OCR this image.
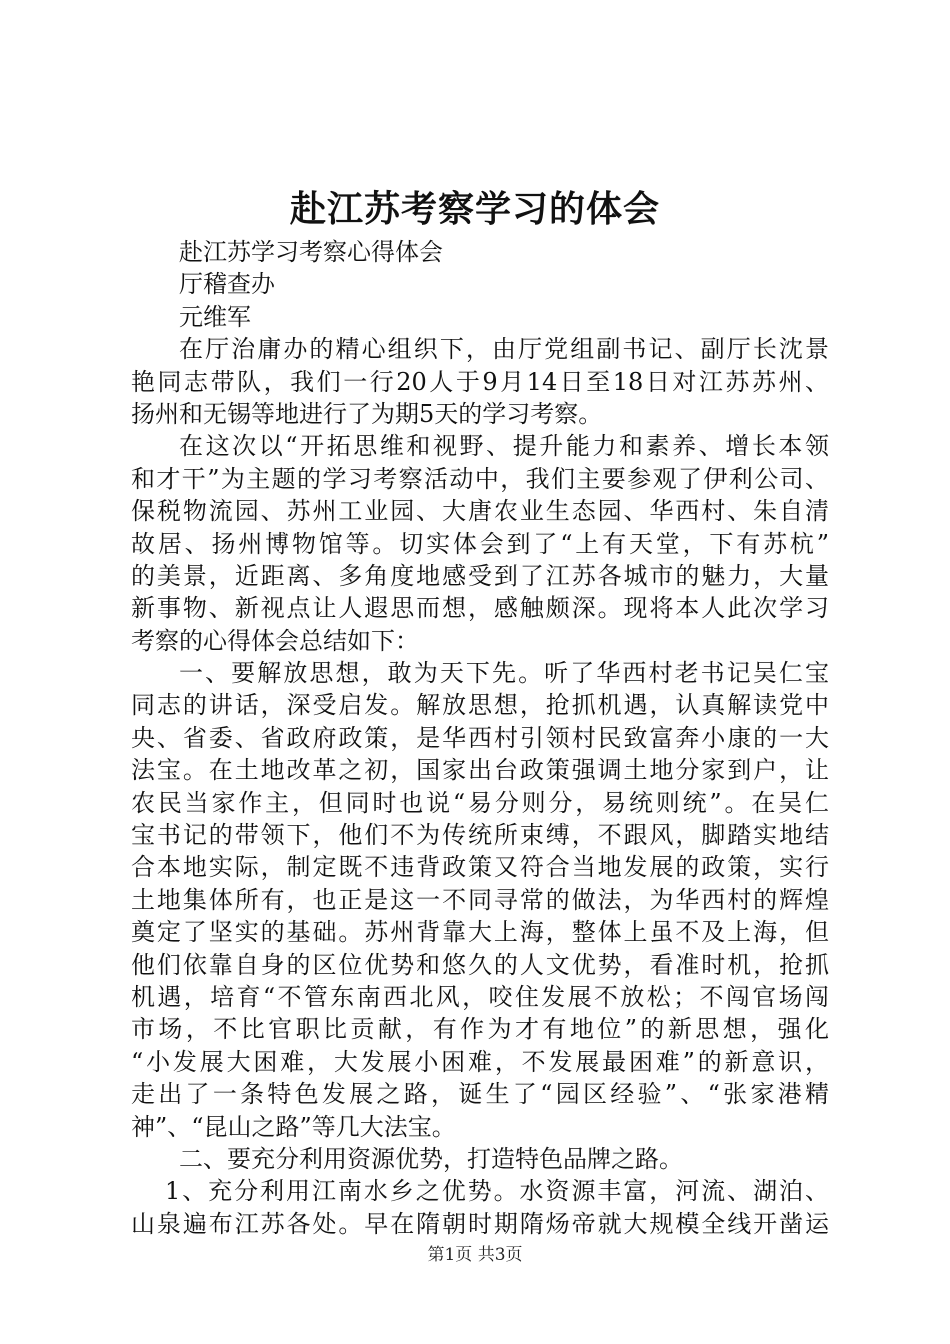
赴江苏考察学习的体会
赴江苏学习考察心得体会
厅稽查办
元维军
在厅治庸办的精心组织下，由厅党组副书记、副厅长沈景
艳同志带队，我们一行20人于9月14日至18日对江苏苏州、
扬州和无锡等地进行了为期5天的学习考察。
在这次以“开拓思维和视野、提升能力和素养、增长本领
和才干”为主题的学习考察活动中，我们主要参观了伊利公司、
保税物流园、苏州工业园、大唐农业生态园、华西村、朱自清
故居、扬州博物馆等。切实体会到了“上有天堂，下有苏杭”
的美景，近距离、多角度地感受到了江苏各城市的魅力，大量
新事物、新视点让人遐思而想，感触颇深。现将本人此次学习
考察的心得体会总结如下：
一、要解放思想，敢为天下先。听了华西村老书记吴仁宝
同志的讲话，深受启发。解放思想，抢抓机遇，认真解读党中
央、省委、省政府政策，是华西村引领村民致富奔小康的一大
法宝。在土地改革之初，国家出台政策强调土地分家到户，让
农民当家作主，但同时也说“易分则分，易统则统”。在吴仁
宝书记的带领下，他们不为传统所束缚，不跟风，脚踏实地结
合本地实际，制定既不违背政策又符合当地发展的政策，实行
土地集体所有，也正是这一不同寻常的做法，为华西村的辉煌
奠定了坚实的基础。苏州背靠大上海，整体上虽不及上海，但
他们依靠自身的区位优势和悠久的人文优势，看准时机，抢抓
机遇，培育“不管东南西北风，咬住发展不放松；不闯官场闯
市场，不比官职比贡献，有作为才有地位”的新思想，强化
“小发展大困难，大发展小困难，不发展最困难”的新意识，
走出了一条特色发展之路，诞生了“园区经验”、“张家港精
神”、“昆山之路”等几大法宝。
二、要充分利用资源优势，打造特色品牌之路。
1、充分利用江南水乡之优势。水资源丰富，河流、湖泊、
山泉遍布江苏各处。早在隋朝时期隋炀帝就大规模全线开凿运
第1页 共3页
